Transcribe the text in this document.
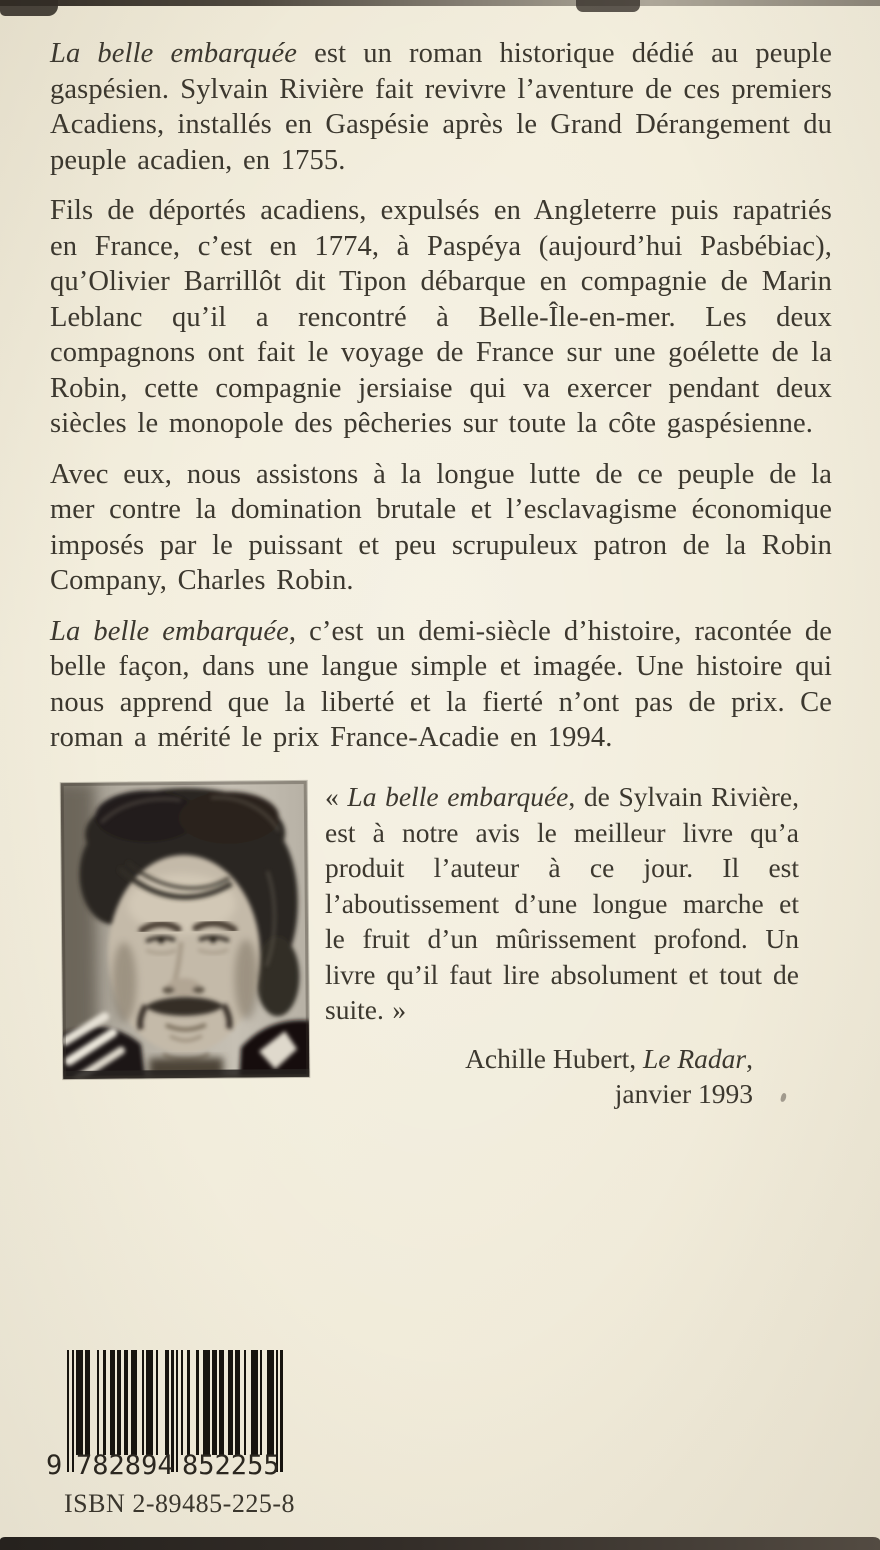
La belle embarquée est un roman historique dédié au peuple gaspésien. Sylvain Rivière fait revivre l’aventure de ces premiers Acadiens, installés en Gaspésie après le Grand Dérangement du peuple acadien, en 1755.

Fils de déportés acadiens, expulsés en Angleterre puis rapatriés en France, c’est en 1774, à Paspéya (aujourd’hui Pasbébiac), qu’Olivier Barrillôt dit Tipon débarque en compagnie de Marin Leblanc qu’il a rencontré à Belle-Île-en-mer. Les deux compagnons ont fait le voyage de France sur une goélette de la Robin, cette compagnie jersiaise qui va exercer pendant deux siècles le monopole des pêcheries sur toute la côte gaspésienne.

Avec eux, nous assistons à la longue lutte de ce peuple de la mer contre la domination brutale et l’esclavagisme économique imposés par le puissant et peu scrupuleux patron de la Robin Company, Charles Robin.

La belle embarquée, c’est un demi-siècle d’histoire, racontée de belle façon, dans une langue simple et imagée. Une histoire qui nous apprend que la liberté et la fierté n’ont pas de prix. Ce roman a mérité le prix France-Acadie en 1994.

« La belle embarquée, de Sylvain Rivière, est à notre avis le meilleur livre qu’a produit l’auteur à ce jour. Il est l’aboutissement d’une longue marche et le fruit d’un mûrissement profond. Un livre qu’il faut lire absolument et tout de suite. »

Achille Hubert, Le Radar,
janvier 1993
9 7 8 2 8 9 4 8 5 2 2 5 5
ISBN 2-89485-225-8
